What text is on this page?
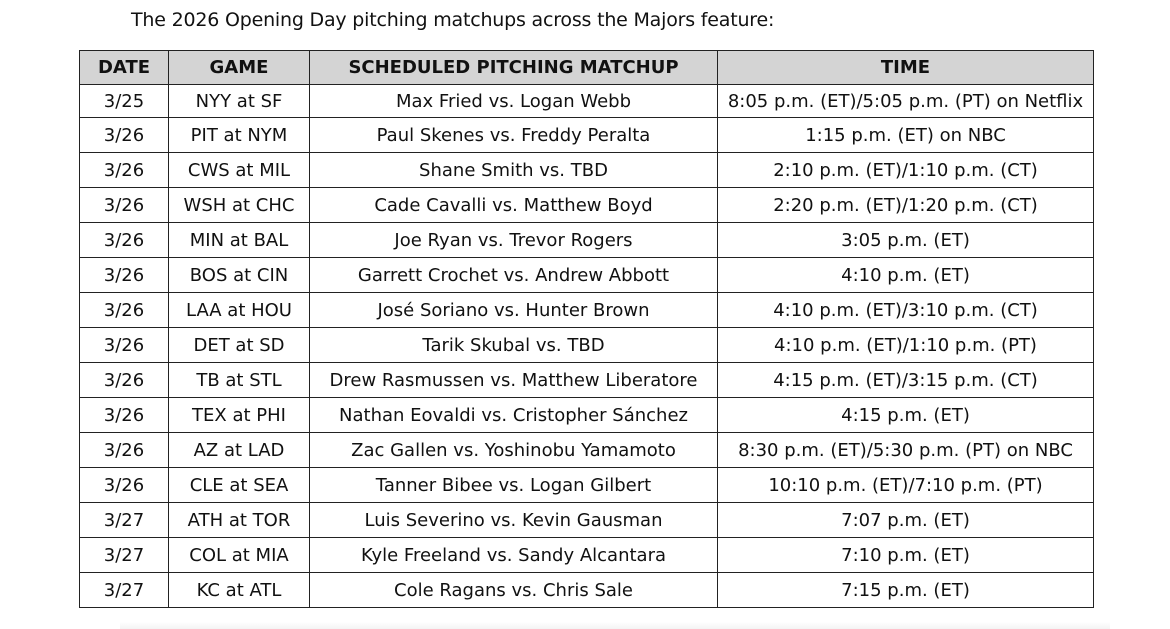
The 2026 Opening Day pitching matchups across the Majors feature:
DATE	GAME	SCHEDULED PITCHING MATCHUP	TIME
3/25	NYY at SF	Max Fried vs. Logan Webb	8:05 p.m. (ET)/5:05 p.m. (PT) on Netflix
3/26	PIT at NYM	Paul Skenes vs. Freddy Peralta	1:15 p.m. (ET) on NBC
3/26	CWS at MIL	Shane Smith vs. TBD	2:10 p.m. (ET)/1:10 p.m. (CT)
3/26	WSH at CHC	Cade Cavalli vs. Matthew Boyd	2:20 p.m. (ET)/1:20 p.m. (CT)
3/26	MIN at BAL	Joe Ryan vs. Trevor Rogers	3:05 p.m. (ET)
3/26	BOS at CIN	Garrett Crochet vs. Andrew Abbott	4:10 p.m. (ET)
3/26	LAA at HOU	José Soriano vs. Hunter Brown	4:10 p.m. (ET)/3:10 p.m. (CT)
3/26	DET at SD	Tarik Skubal vs. TBD	4:10 p.m. (ET)/1:10 p.m. (PT)
3/26	TB at STL	Drew Rasmussen vs. Matthew Liberatore	4:15 p.m. (ET)/3:15 p.m. (CT)
3/26	TEX at PHI	Nathan Eovaldi vs. Cristopher Sánchez	4:15 p.m. (ET)
3/26	AZ at LAD	Zac Gallen vs. Yoshinobu Yamamoto	8:30 p.m. (ET)/5:30 p.m. (PT) on NBC
3/26	CLE at SEA	Tanner Bibee vs. Logan Gilbert	10:10 p.m. (ET)/7:10 p.m. (PT)
3/27	ATH at TOR	Luis Severino vs. Kevin Gausman	7:07 p.m. (ET)
3/27	COL at MIA	Kyle Freeland vs. Sandy Alcantara	7:10 p.m. (ET)
3/27	KC at ATL	Cole Ragans vs. Chris Sale	7:15 p.m. (ET)
